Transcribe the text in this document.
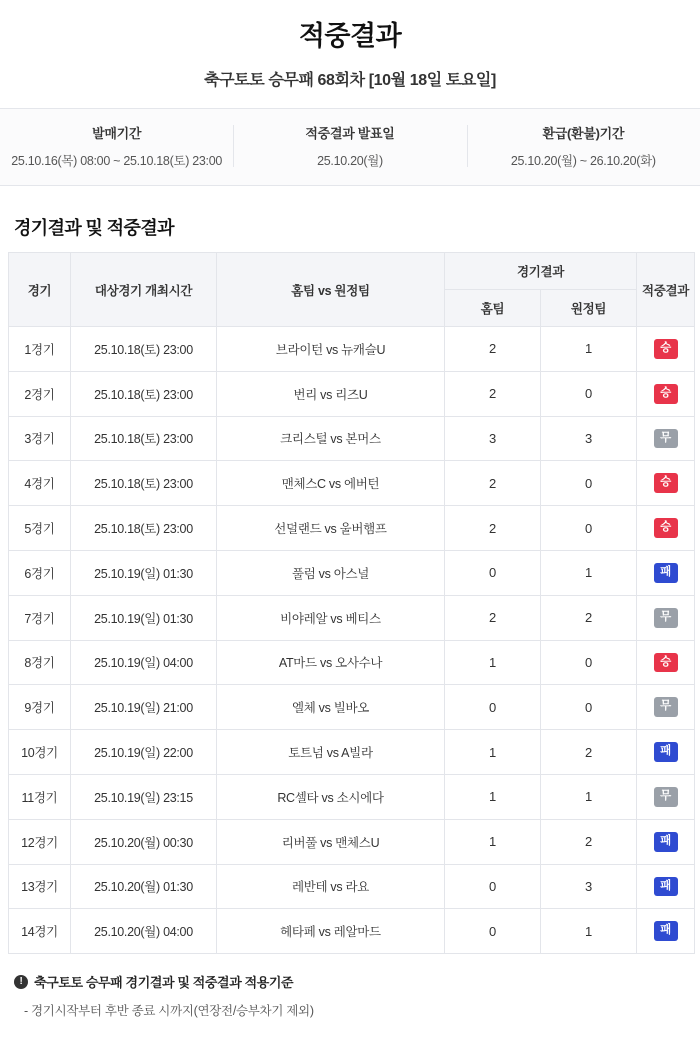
적중결과
축구토토 승무패 68회차 [10월 18일 토요일]
발매기간
25.10.16(목) 08:00 ~ 25.10.18(토) 23:00
적중결과 발표일
25.10.20(월)
환급(환불)기간
25.10.20(월) ~ 26.10.20(화)
경기결과 및 적중결과
경기	대상경기 개최시간	홈팀 vs 원정팀	경기결과		적중결과
			홈팀	원정팀	
1경기	25.10.18(토) 23:00	브라이턴 vs 뉴캐슬U	2	1	승
2경기	25.10.18(토) 23:00	번리 vs 리즈U	2	0	승
3경기	25.10.18(토) 23:00	크리스털 vs 본머스	3	3	무
4경기	25.10.18(토) 23:00	맨체스C vs 에버턴	2	0	승
5경기	25.10.18(토) 23:00	선덜랜드 vs 울버햄프	2	0	승
6경기	25.10.19(일) 01:30	풀럼 vs 아스널	0	1	패
7경기	25.10.19(일) 01:30	비야레알 vs 베티스	2	2	무
8경기	25.10.19(일) 04:00	AT마드 vs 오사수나	1	0	승
9경기	25.10.19(일) 21:00	엘체 vs 빌바오	0	0	무
10경기	25.10.19(일) 22:00	토트넘 vs A빌라	1	2	패
11경기	25.10.19(일) 23:15	RC셀타 vs 소시에다	1	1	무
12경기	25.10.20(월) 00:30	리버풀 vs 맨체스U	1	2	패
13경기	25.10.20(월) 01:30	레반테 vs 라요	0	3	패
14경기	25.10.20(월) 04:00	헤타페 vs 레알마드	0	1	패
! 축구토토 승무패 경기결과 및 적중결과 적용기준
- 경기시작부터 후반 종료 시까지(연장전/승부차기 제외)
